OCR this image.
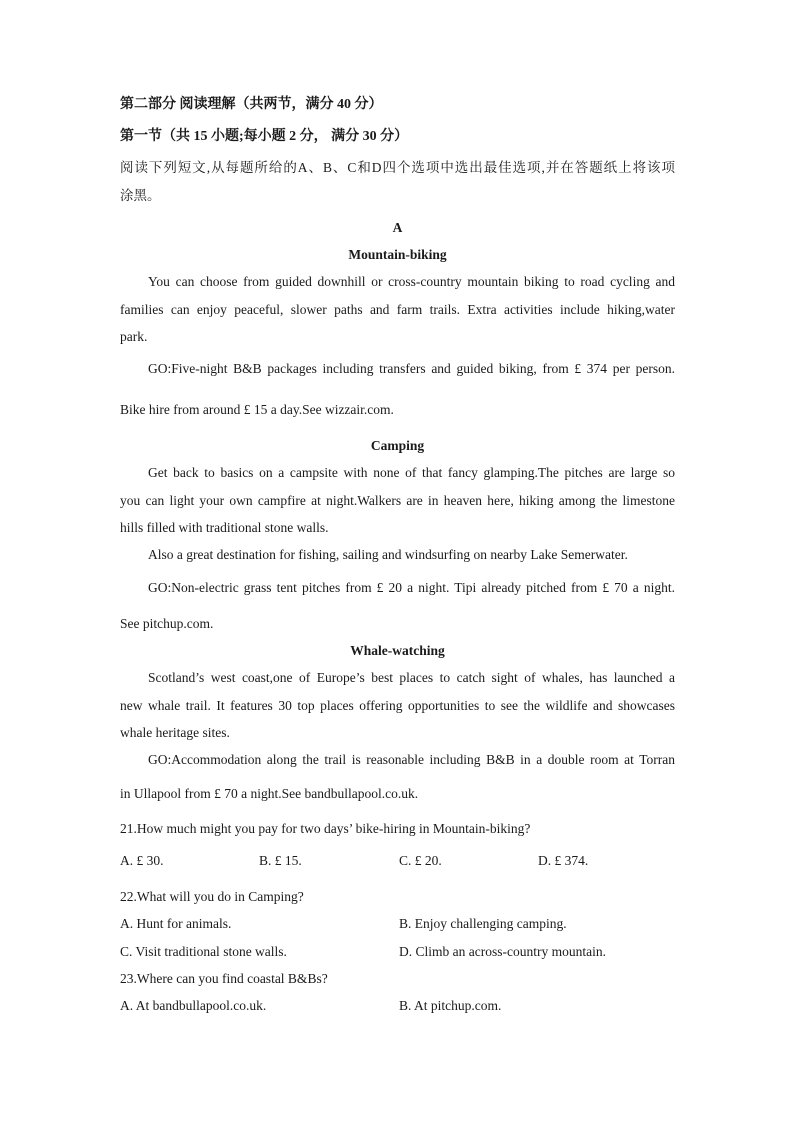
第二部分 阅读理解（共两节，满分 40 分）
第一节（共 15 小题;每小题 2 分， 满分 30 分）
阅读下列短文,从每题所给的A、B、C和D四个选项中选出最佳选项,并在答题纸上将该项
涂黑。
A
Mountain-biking
You can choose from guided downhill or cross-country mountain biking to road cycling and
families can enjoy peaceful, slower paths and farm trails. Extra activities include hiking,water
park.
GO:Five-night B&B packages including transfers and guided biking, from £ 374 per person.
Bike hire from around £ 15 a day.See wizzair.com.
Camping
Get back to basics on a campsite with none of that fancy glamping.The pitches are large so
you can light your own campfire at night.Walkers are in heaven here, hiking among the limestone
hills filled with traditional stone walls.
Also a great destination for fishing, sailing and windsurfing on nearby Lake Semerwater.
GO:Non-electric grass tent pitches from £ 20 a night. Tipi already pitched from £ 70 a night.
See pitchup.com.
Whale-watching
Scotland’s west coast,one of Europe’s best places to catch sight of whales, has launched a
new whale trail. It features 30 top places offering opportunities to see the wildlife and showcases
whale heritage sites.
GO:Accommodation along the trail is reasonable including B&B in a double room at Torran
in Ullapool from £ 70 a night.See bandbullapool.co.uk.
21.How much might you pay for two days’ bike-hiring in Mountain-biking?
A. £ 30.	B. £ 15.	C. £ 20.	D. £ 374.
22.What will you do in Camping?
A. Hunt for animals.	B. Enjoy challenging camping.
C. Visit traditional stone walls.	D. Climb an across-country mountain.
23.Where can you find coastal B&Bs?
A. At bandbullapool.co.uk.	B. At pitchup.com.
